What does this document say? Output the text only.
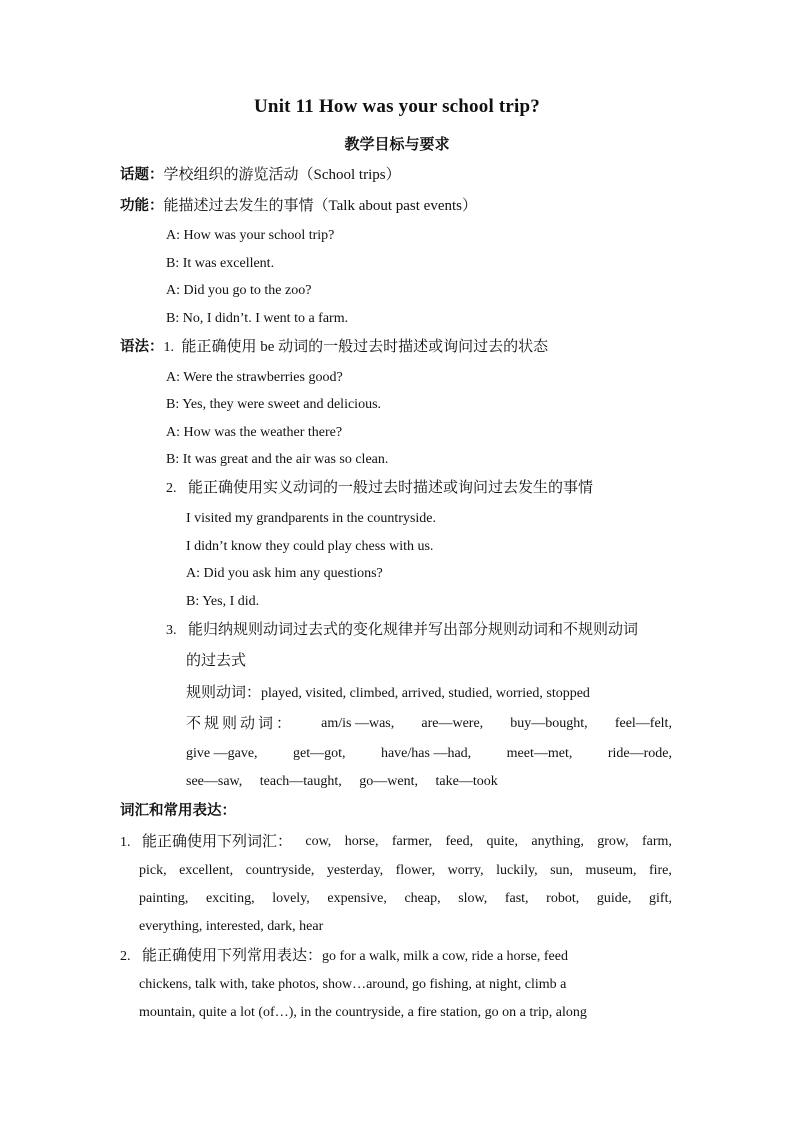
Unit 11 How was your school trip?
教学目标与要求
话题：学校组织的游览活动（School trips）
功能：能描述过去发生的事情（Talk about past events）
A: How was your school trip?
B: It was excellent.
A: Did you go to the zoo?
B: No, I didn’t. I went to a farm.
语法：1. 能正确使用 be 动词的一般过去时描述或询问过去的状态
A: Were the strawberries good?
B: Yes, they were sweet and delicious.
A: How was the weather there?
B: It was great and the air was so clean.
2. 能正确使用实义动词的一般过去时描述或询问过去发生的事情
I visited my grandparents in the countryside.
I didn’t know they could play chess with us.
A: Did you ask him any questions?
B: Yes, I did.
3. 能归纳规则动词过去式的变化规律并写出部分规则动词和不规则动词
的过去式
规则动词：played, visited, climbed, arrived, studied, worried, stopped
不规则动词： am/is —was, are—were, buy—bought, feel—felt,
give —gave,	get—got,	have/has —had,	meet—met,	ride—rode,
see—saw, teach—taught, go—went, take—took
词汇和常用表达：
1. 能正确使用下列词汇： cow, horse, farmer, feed, quite, anything, grow, farm,
pick, excellent, countryside, yesterday, flower, worry, luckily, sun, museum, fire,
painting, exciting, lovely, expensive, cheap, slow, fast, robot, guide, gift,
everything, interested, dark, hear
2. 能正确使用下列常用表达：go for a walk, milk a cow, ride a horse, feed
chickens, talk with, take photos, show…around, go fishing, at night, climb a
mountain, quite a lot (of…), in the countryside, a fire station, go on a trip, along
